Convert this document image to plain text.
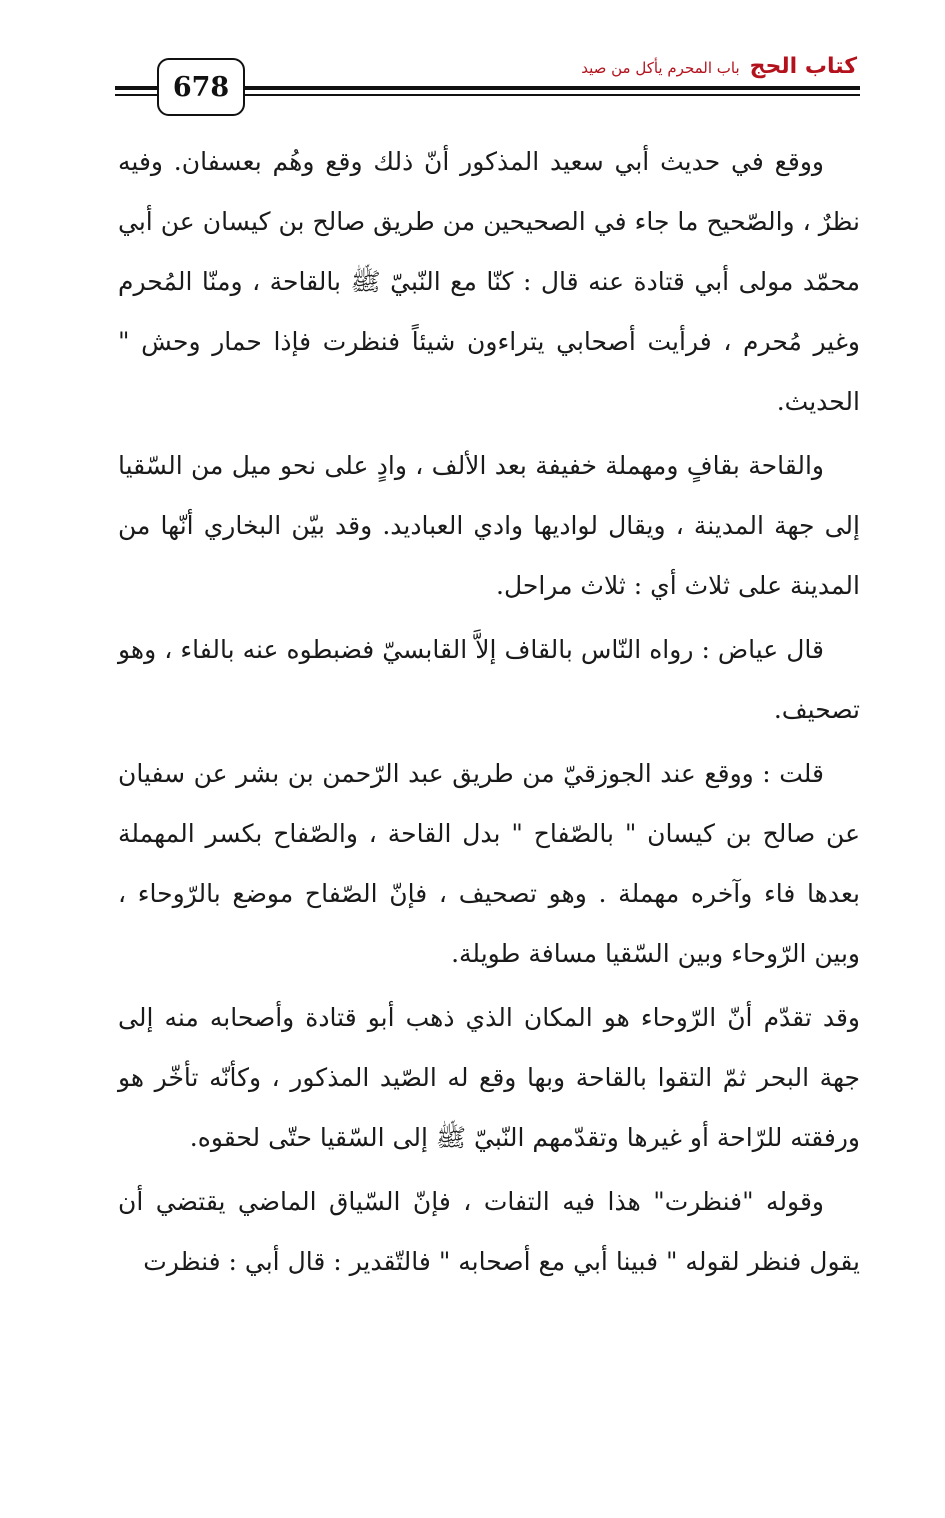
678
كتاب الحج
باب المحرم يأكل من صيد

ووقع في حديث أبي سعيد المذكور أنّ ذلك وقع وهُم بعسفان. وفيه نظرٌ ، والصّحيح ما جاء في الصحيحين من طريق صالح بن كيسان عن أبي محمّد مولى أبي قتادة عنه قال : كنّا مع النّبيّ ﷺ بالقاحة ، ومنّا المُحرم وغير مُحرم ، فرأيت أصحابي يتراءون شيئاً فنظرت فإذا حمار وحش " الحديث.

والقاحة بقافٍ ومهملة خفيفة بعد الألف ، وادٍ على نحو ميل من السّقيا إلى جهة المدينة ، ويقال لواديها وادي العباديد. وقد بيّن البخاري أنّها من المدينة على ثلاث أي : ثلاث مراحل.

قال عياض : رواه النّاس بالقاف إلاَّ القابسيّ فضبطوه عنه بالفاء ، وهو تصحيف.

قلت : ووقع عند الجوزقيّ من طريق عبد الرّحمن بن بشر عن سفيان عن صالح بن كيسان " بالصّفاح " بدل القاحة ، والصّفاح بكسر المهملة بعدها فاء وآخره مهملة . وهو تصحيف ، فإنّ الصّفاح موضع بالرّوحاء ، وبين الرّوحاء وبين السّقيا مسافة طويلة.

وقد تقدّم أنّ الرّوحاء هو المكان الذي ذهب أبو قتادة وأصحابه منه إلى جهة البحر ثمّ التقوا بالقاحة وبها وقع له الصّيد المذكور ، وكأنّه تأخّر هو ورفقته للرّاحة أو غيرها وتقدّمهم النّبيّ ﷺ إلى السّقيا حتّى لحقوه.

وقوله "فنظرت" هذا فيه التفات ، فإنّ السّياق الماضي يقتضي أن يقول فنظر لقوله " فبينا أبي مع أصحابه " فالتّقدير : قال أبي : فنظرت
